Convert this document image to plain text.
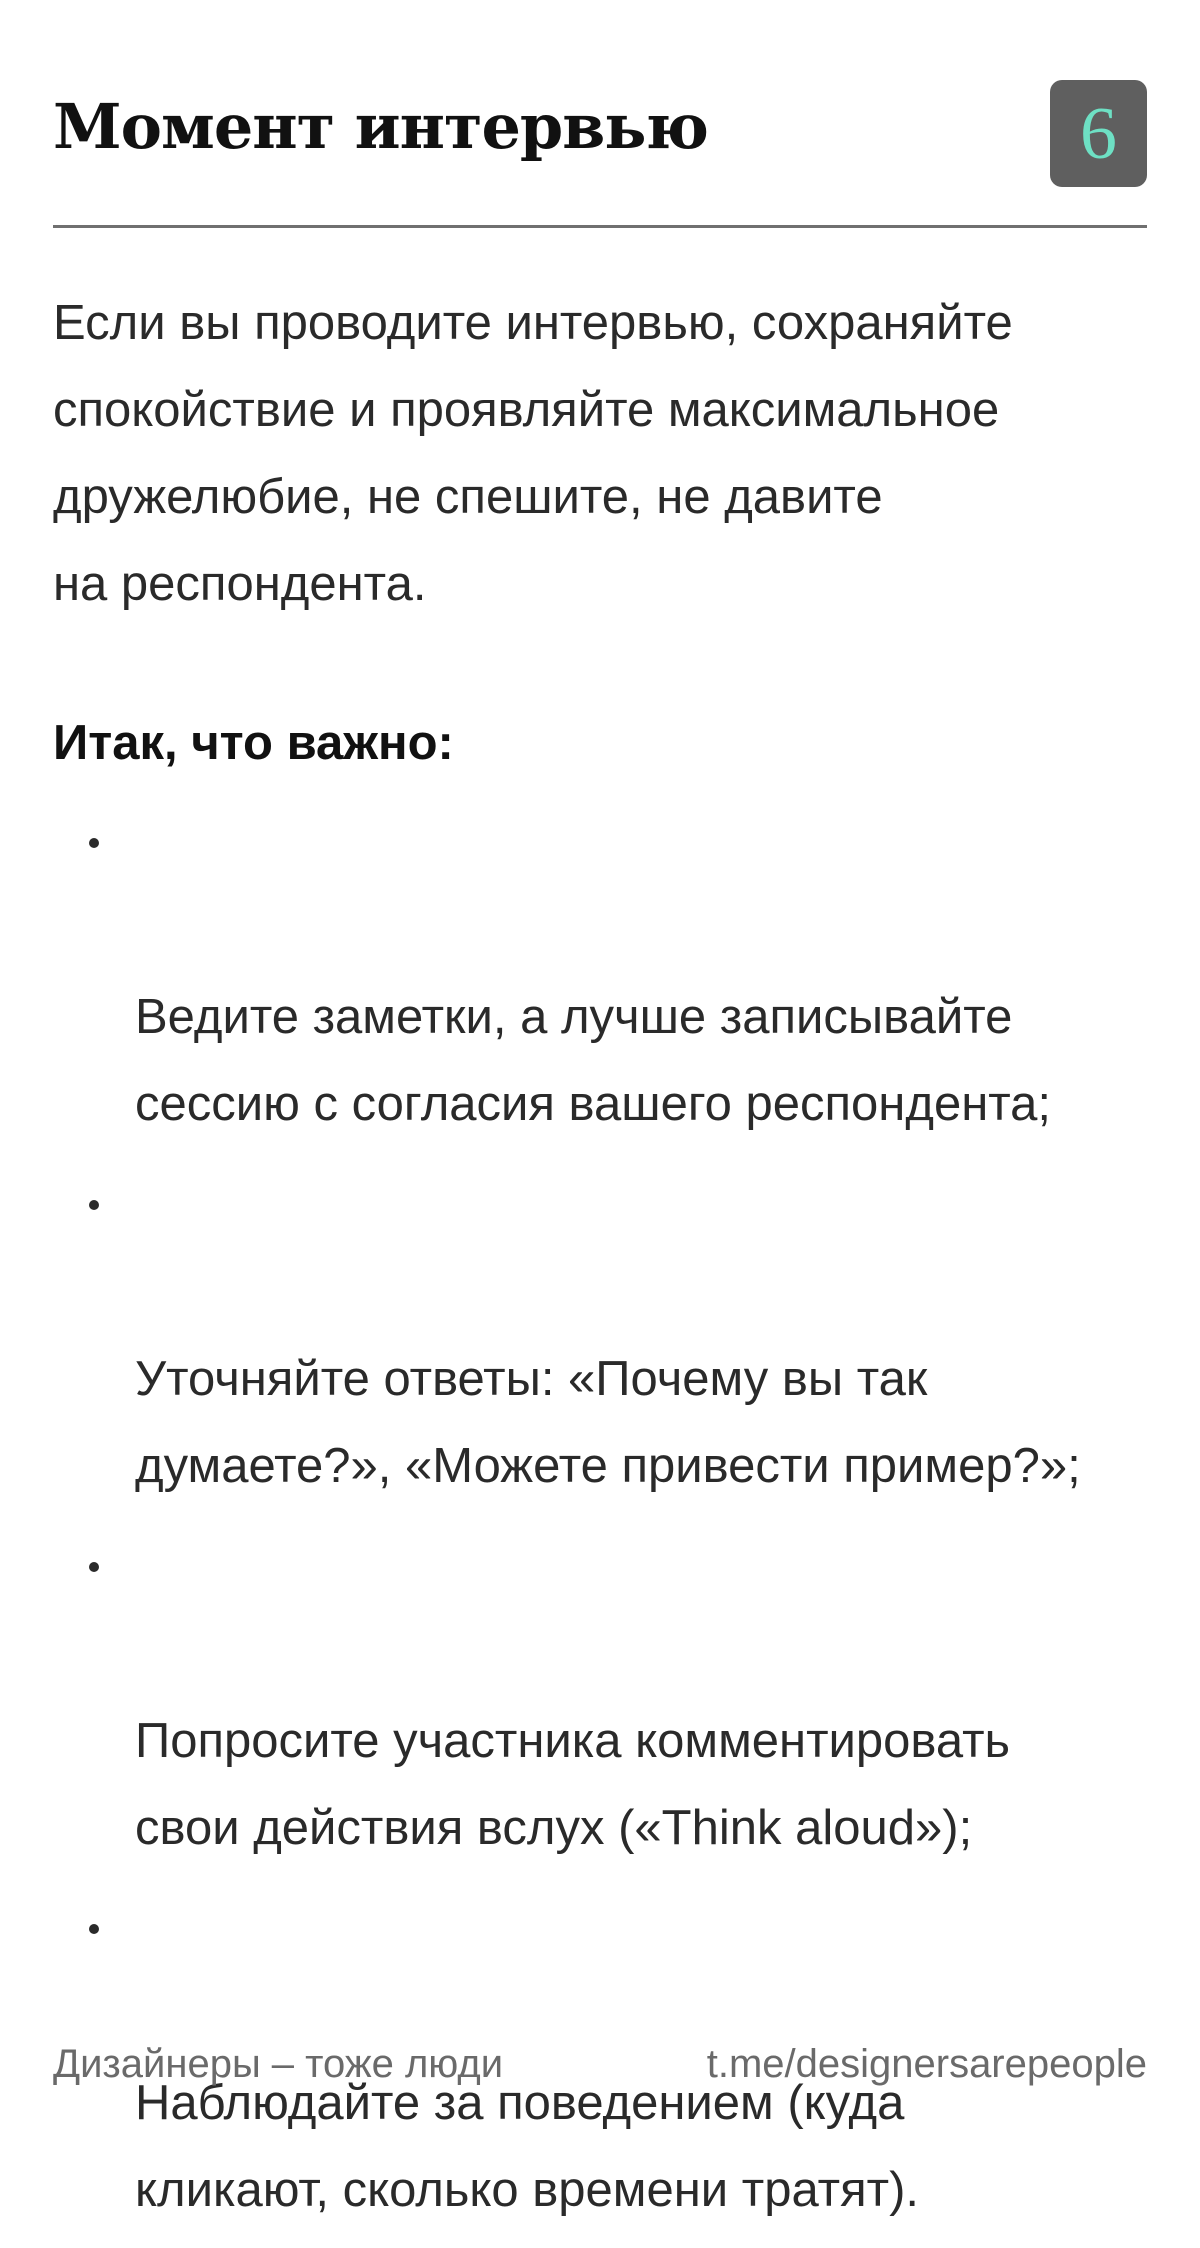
Момент интервью	6

Если вы проводите интервью, сохраняйте
спокойствие и проявляйте максимальное
дружелюбие, не спешите, не давите
на респондента.

Итак, что важно:

Ведите заметки, а лучше записывайте
сессию с согласия вашего респондента;

Уточняйте ответы: «Почему вы так
думаете?», «Можете привести пример?»;

Попросите участника комментировать
свои действия вслух («Think aloud»);

Наблюдайте за поведением (куда
кликают, сколько времени тратят).

Дизайнеры – тоже люди	t.me/designersarepeople
